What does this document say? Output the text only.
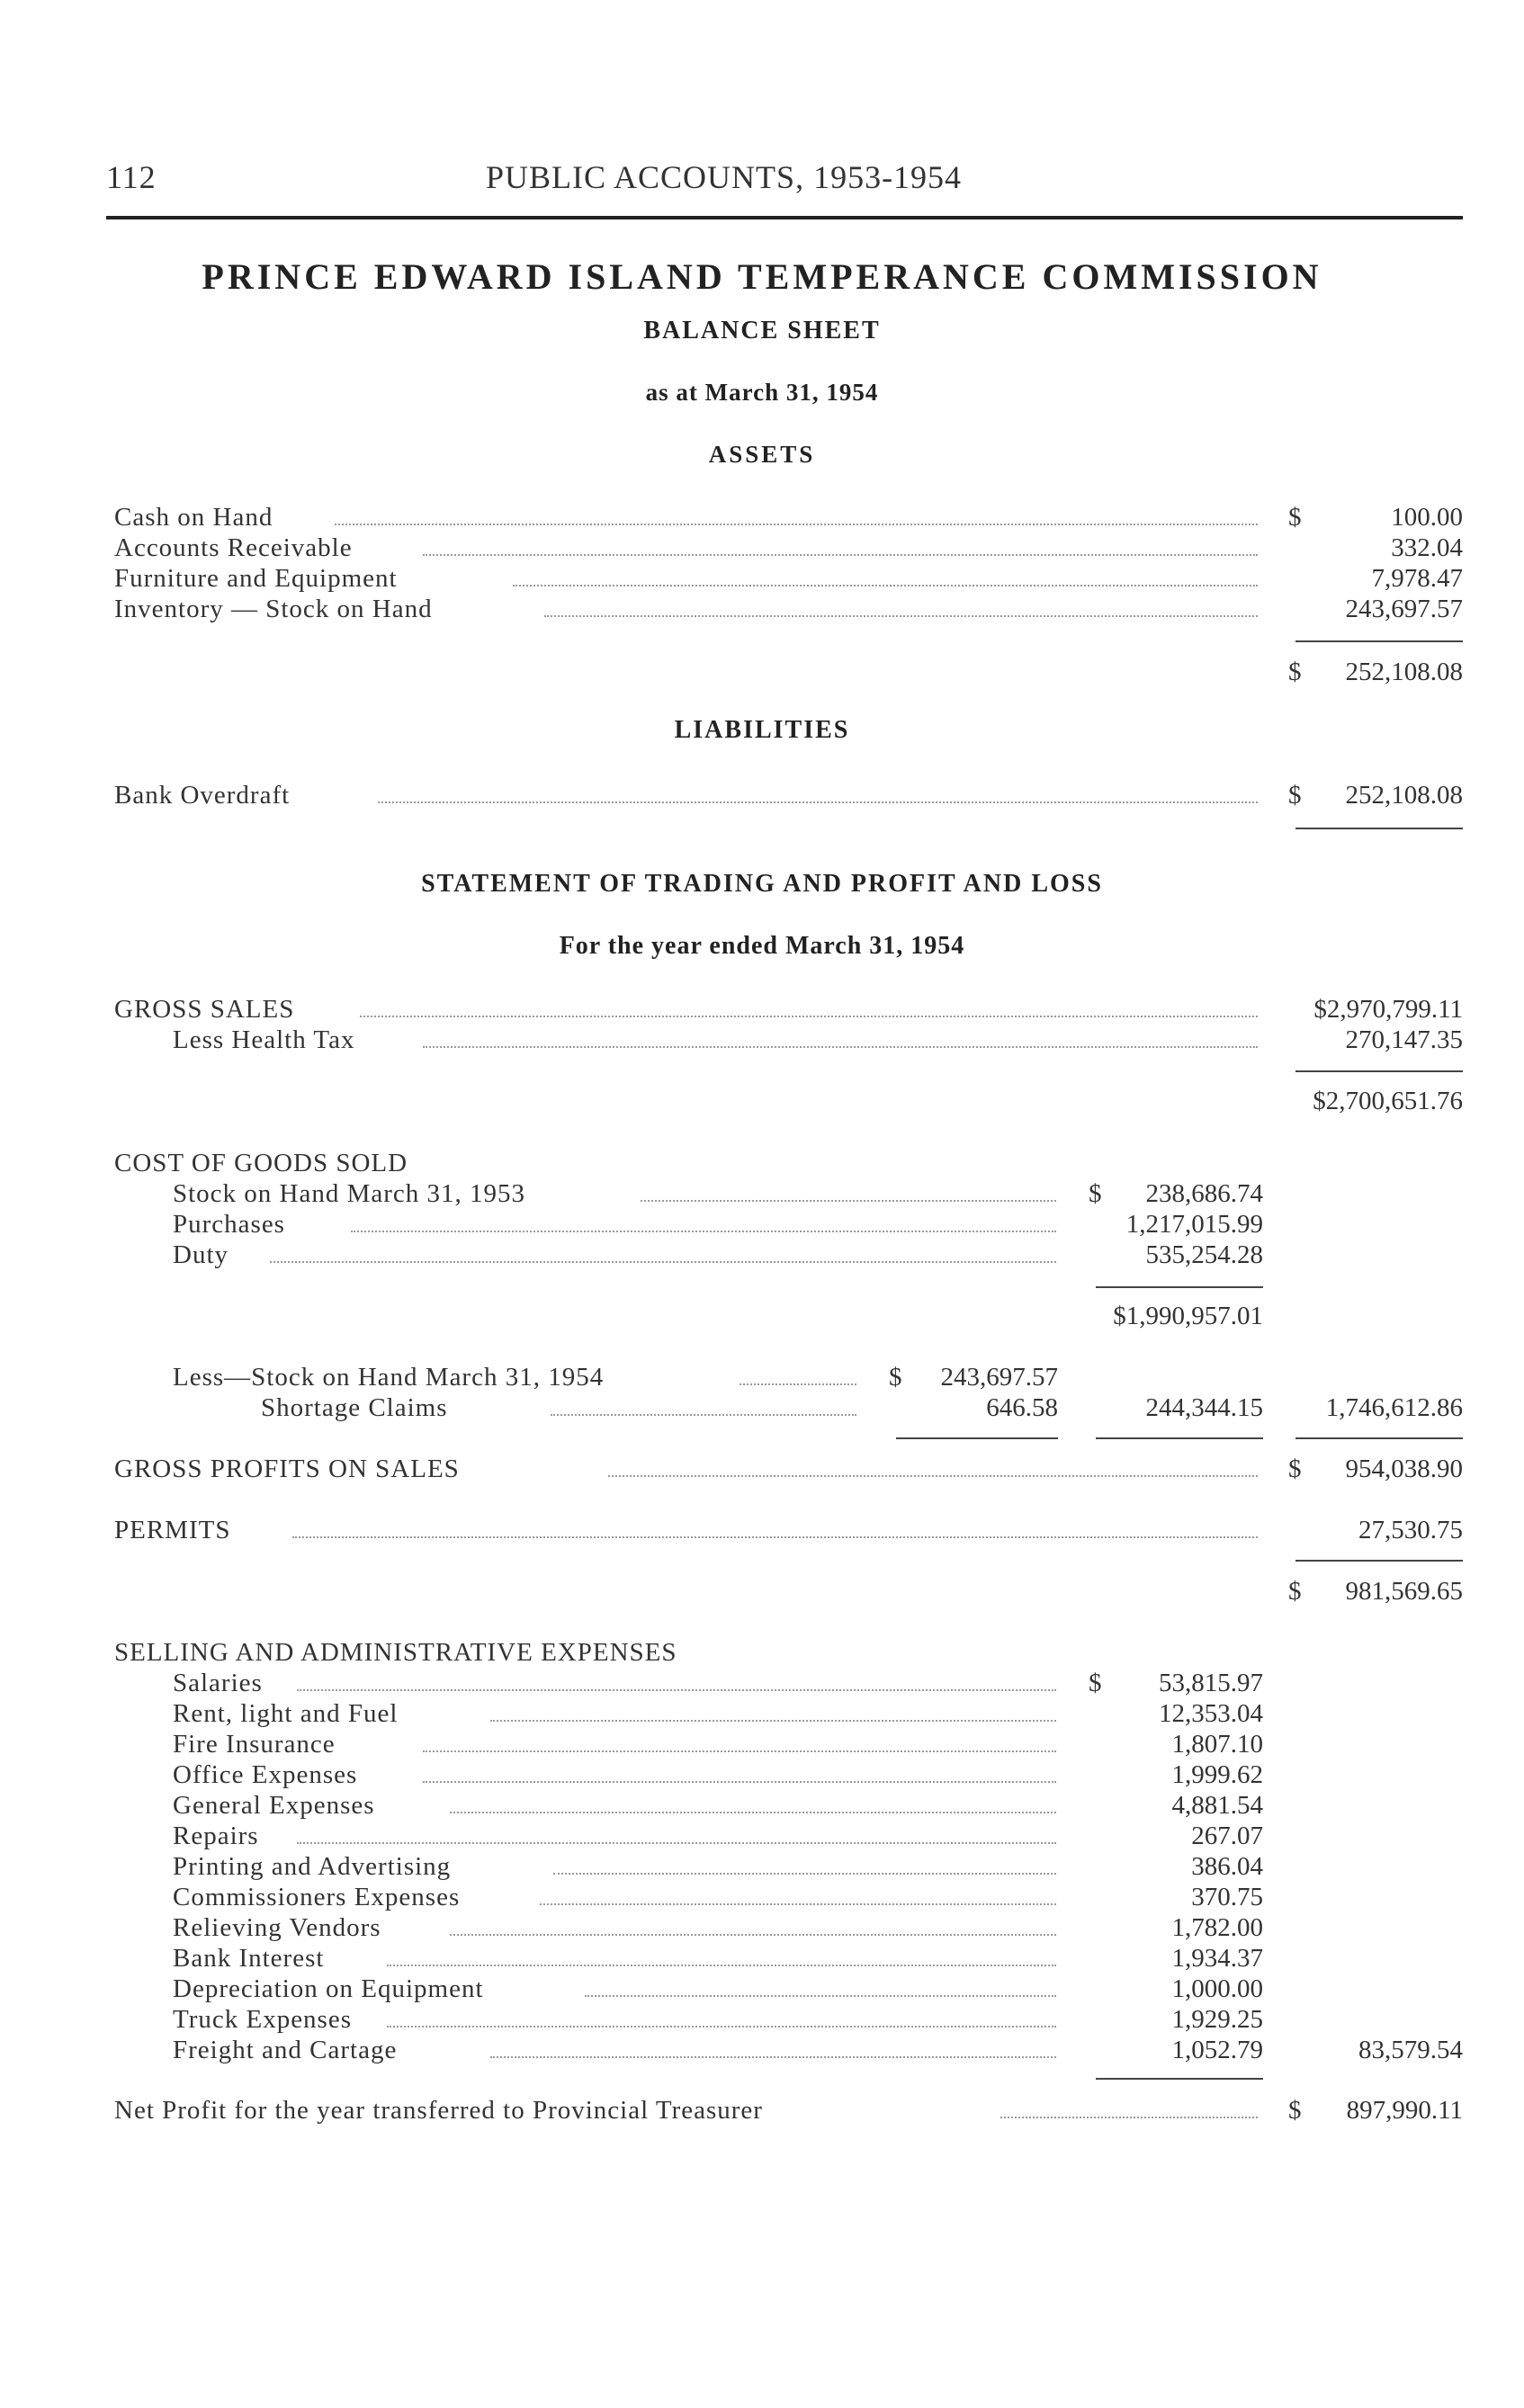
112	PUBLIC ACCOUNTS, 1953-1954
PRINCE EDWARD ISLAND TEMPERANCE COMMISSION
BALANCE SHEET
as at March 31, 1954
ASSETS
Cash on Hand	$	100.00
Accounts Receivable	332.04
Furniture and Equipment	7,978.47
Inventory — Stock on Hand	243,697.57
$ 252,108.08
LIABILITIES
Bank Overdraft	$ 252,108.08
STATEMENT OF TRADING AND PROFIT AND LOSS
For the year ended March 31, 1954
GROSS SALES	$2,970,799.11
Less Health Tax	270,147.35
$2,700,651.76
COST OF GOODS SOLD
Stock on Hand March 31, 1953	$ 238,686.74
Purchases	1,217,015.99
Duty	535,254.28
$1,990,957.01
Less—Stock on Hand March 31, 1954	$ 243,697.57
Shortage Claims	646.58	244,344.15 1,746,612.86
GROSS PROFITS ON SALES	$ 954,038.90
PERMITS	27,530.75
$ 981,569.65
SELLING AND ADMINISTRATIVE EXPENSES
Salaries	$ 53,815.97
Rent, light and Fuel	12,353.04
Fire Insurance	1,807.10
Office Expenses	1,999.62
General Expenses	4,881.54
Repairs	267.07
Printing and Advertising	386.04
Commissioners Expenses	370.75
Relieving Vendors	1,782.00
Bank Interest	1,934.37
Depreciation on Equipment	1,000.00
Truck Expenses	1,929.25
Freight and Cartage	1,052.79	83,579.54
Net Profit for the year transferred to Provincial Treasurer	$ 897,990.11
